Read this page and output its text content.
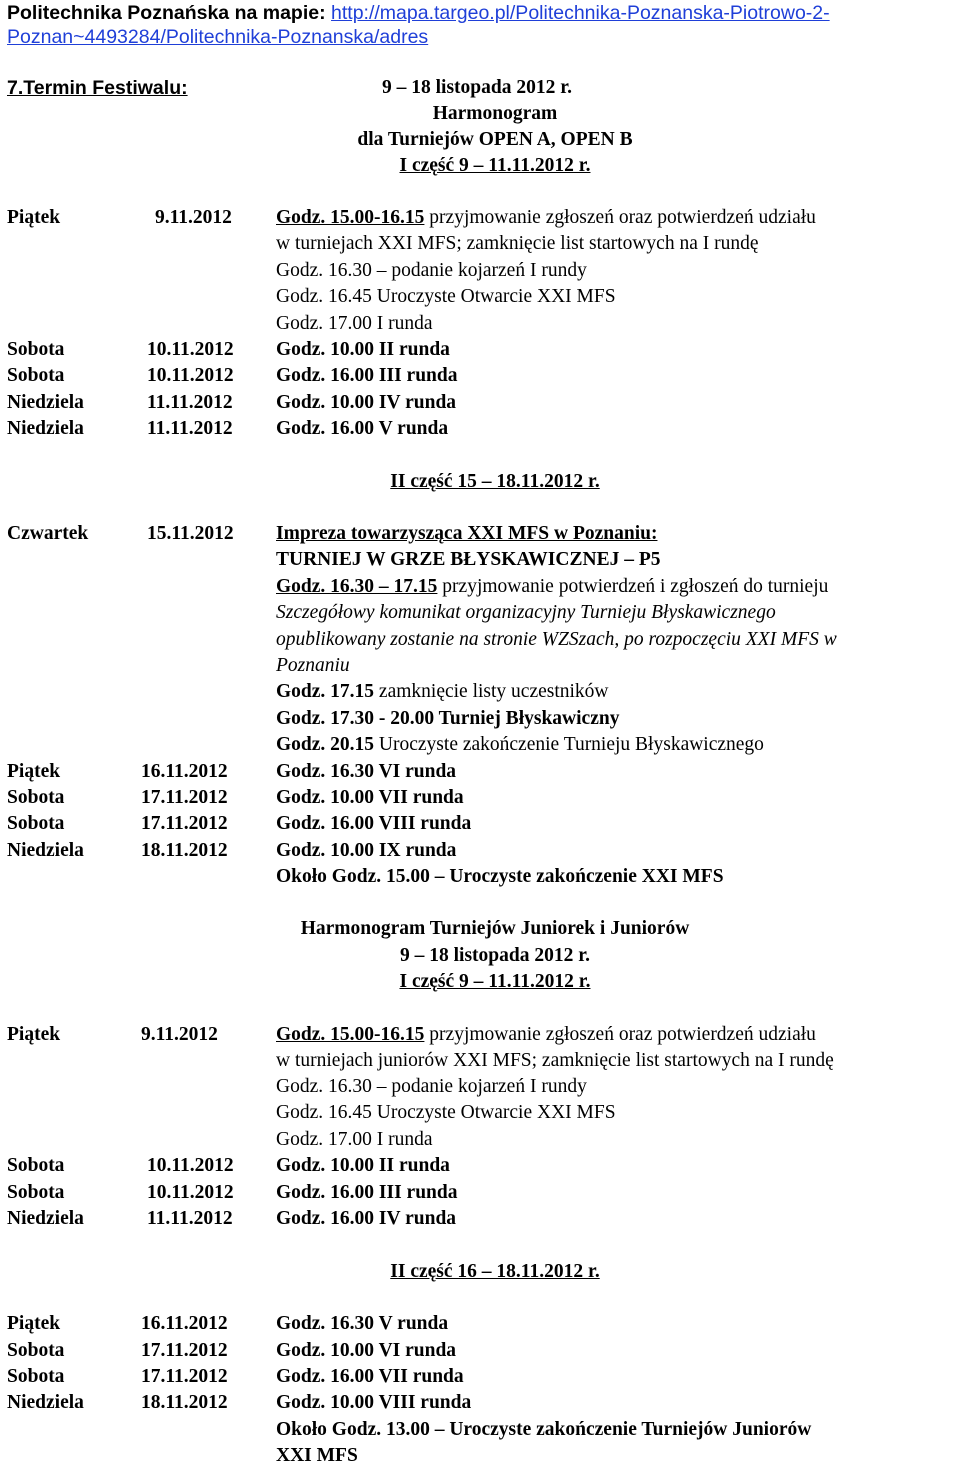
Politechnika Poznańska na mapie: http://mapa.targeo.pl/Politechnika-Poznanska-Piotrowo-2-
Poznan~4493284/Politechnika-Poznanska/adres
7.Termin Festiwalu:	9 – 18 listopada 2012 r.
Harmonogram
dla Turniejów OPEN A, OPEN B
I część 9 – 11.11.2012 r.
Piątek	9.11.2012 Godz. 15.00-16.15 przyjmowanie zgłoszeń oraz potwierdzeń udziału
w turniejach XXI MFS; zamknięcie list startowych na I rundę
Godz. 16.30 – podanie kojarzeń I rundy
Godz. 16.45 Uroczyste Otwarcie XXI MFS
Godz. 17.00 I runda
Sobota	10.11.2012 Godz. 10.00 II runda
Sobota	10.11.2012 Godz. 16.00 III runda
Niedziela	11.11.2012 Godz. 10.00 IV runda
Niedziela	11.11.2012 Godz. 16.00 V runda
II część 15 – 18.11.2012 r.
Czwartek	15.11.2012 Impreza towarzysząca XXI MFS w Poznaniu:
TURNIEJ W GRZE BŁYSKAWICZNEJ – P5
Godz. 16.30 – 17.15 przyjmowanie potwierdzeń i zgłoszeń do turnieju
Szczegółowy komunikat organizacyjny Turnieju Błyskawicznego
opublikowany zostanie na stronie WZSzach, po rozpoczęciu XXI MFS w
Poznaniu
Godz. 17.15 zamknięcie listy uczestników
Godz. 17.30 - 20.00 Turniej Błyskawiczny
Godz. 20.15 Uroczyste zakończenie Turnieju Błyskawicznego
Piątek	16.11.2012 Godz. 16.30 VI runda
Sobota	17.11.2012 Godz. 10.00 VII runda
Sobota	17.11.2012 Godz. 16.00 VIII runda
Niedziela	18.11.2012 Godz. 10.00 IX runda
Około Godz. 15.00 – Uroczyste zakończenie XXI MFS
Harmonogram Turniejów Juniorek i Juniorów
9 – 18 listopada 2012 r.
I część 9 – 11.11.2012 r.
Piątek	9.11.2012	Godz. 15.00-16.15 przyjmowanie zgłoszeń oraz potwierdzeń udziału
w turniejach juniorów XXI MFS; zamknięcie list startowych na I rundę
Godz. 16.30 – podanie kojarzeń I rundy
Godz. 16.45 Uroczyste Otwarcie XXI MFS
Godz. 17.00 I runda
Sobota	10.11.2012 Godz. 10.00 II runda
Sobota	10.11.2012 Godz. 16.00 III runda
Niedziela	11.11.2012 Godz. 16.00 IV runda
II część 16 – 18.11.2012 r.
Piątek	16.11.2012 Godz. 16.30 V runda
Sobota	17.11.2012 Godz. 10.00 VI runda
Sobota	17.11.2012 Godz. 16.00 VII runda
Niedziela	18.11.2012 Godz. 10.00 VIII runda
Około Godz. 13.00 – Uroczyste zakończenie Turniejów Juniorów
XXI MFS
